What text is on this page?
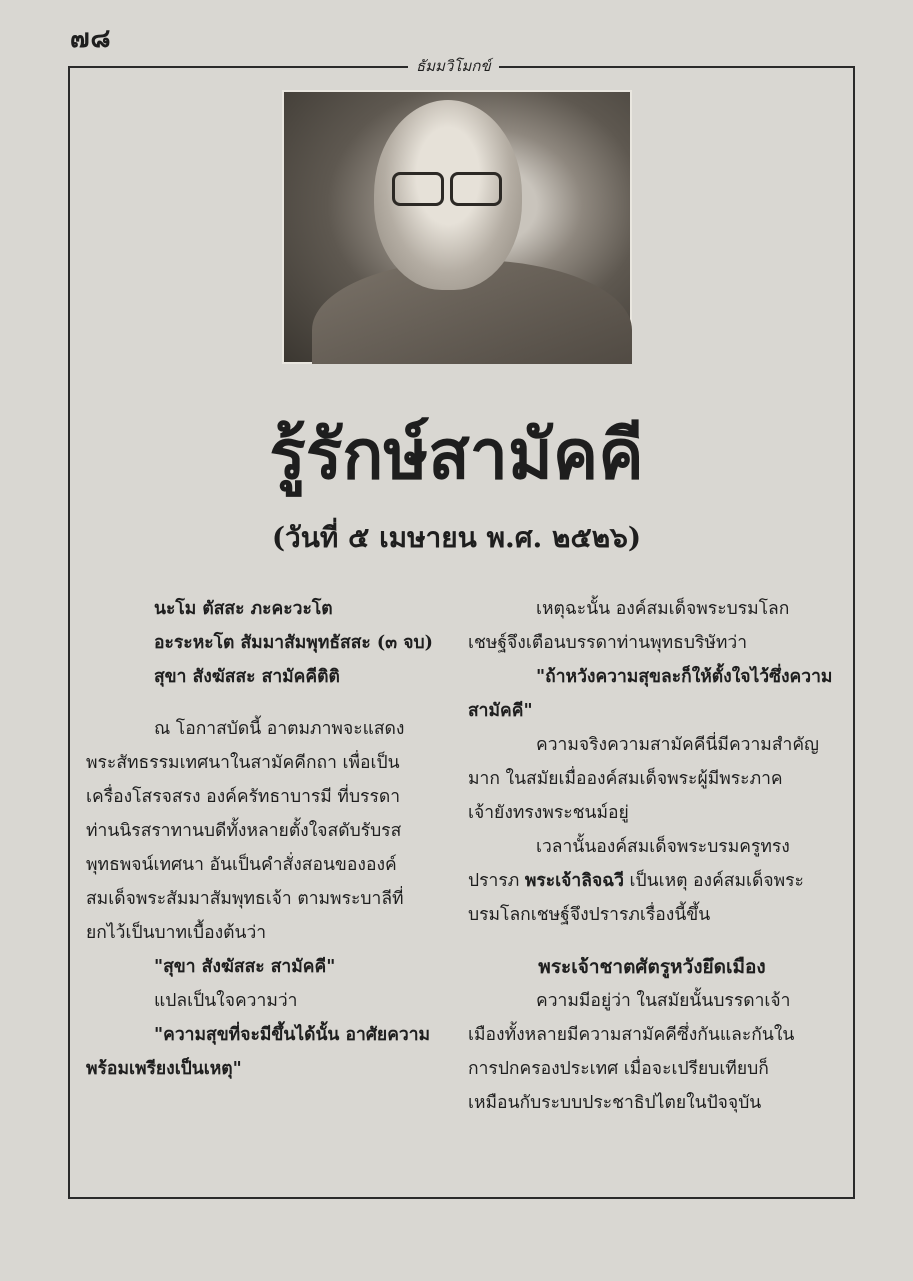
๗๘
ธัมมวิโมกข์
รู้รักษ์สามัคคี
(วันที่ ๕ เมษายน พ.ศ. ๒๕๒๖)

นะโม ตัสสะ ภะคะวะโต

อะระหะโต สัมมาสัมพุทธัสสะ (๓ จบ)

สุขา สังฆัสสะ สามัคคีติติ

ณ โอกาสบัดนี้ อาตมภาพจะแสดง

พระสัทธรรมเทศนาในสามัคคีกถา เพื่อเป็น

เครื่องโสรจสรง องค์ครัทธาบารมี ที่บรรดา

ท่านนิรสราทานบดีทั้งหลายตั้งใจสดับรับรส

พุทธพจน์เทศนา อันเป็นคำสั่งสอนขององค์

สมเด็จพระสัมมาสัมพุทธเจ้า ตามพระบาลีที่

ยกไว้เป็นบาทเบื้องต้นว่า

"สุขา สังฆัสสะ สามัคคี"

แปลเป็นใจความว่า

"ความสุขที่จะมีขึ้นได้นั้น อาศัยความ

พร้อมเพรียงเป็นเหตุ"

เหตุฉะนั้น องค์สมเด็จพระบรมโลก

เชษฐ์จึงเตือนบรรดาท่านพุทธบริษัทว่า

"ถ้าหวังความสุขละก็ให้ตั้งใจไว้ซึ่งความ

สามัคคี"

ความจริงความสามัคคีนี่มีความสำคัญ

มาก ในสมัยเมื่อองค์สมเด็จพระผู้มีพระภาค

เจ้ายังทรงพระชนม์อยู่

เวลานั้นองค์สมเด็จพระบรมครูทรง

ปรารภ พระเจ้าลิจฉวี เป็นเหตุ องค์สมเด็จพระ

บรมโลกเชษฐ์จึงปรารภเรื่องนี้ขึ้น

พระเจ้าชาตศัตรูหวังยึดเมือง

ความมีอยู่ว่า ในสมัยนั้นบรรดาเจ้า

เมืองทั้งหลายมีความสามัคคีซึ่งกันและกันใน

การปกครองประเทศ เมื่อจะเปรียบเทียบก็

เหมือนกับระบบประชาธิปไตยในปัจจุบัน
